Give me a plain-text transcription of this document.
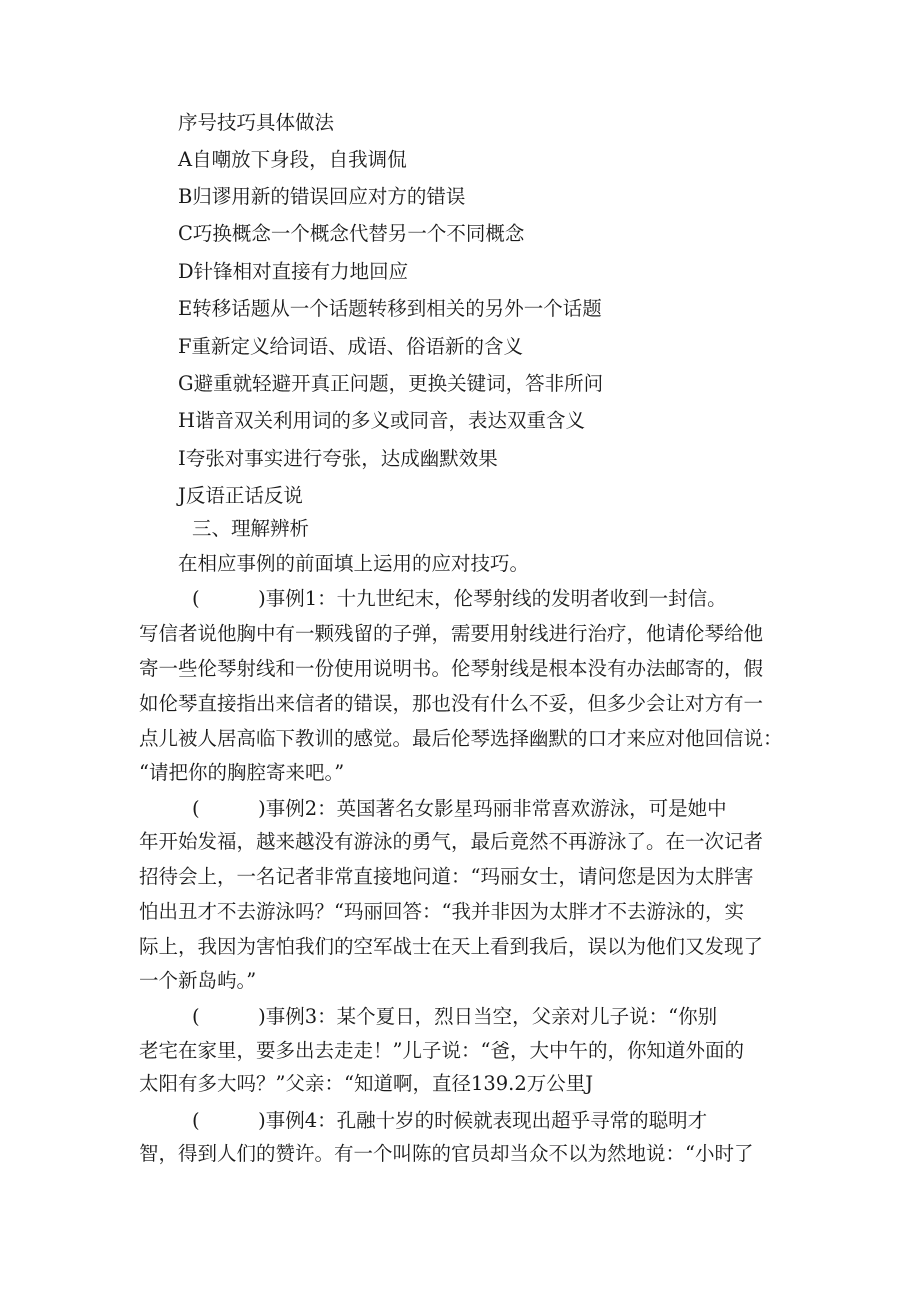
序号技巧具体做法
A自嘲放下身段，自我调侃
B归谬用新的错误回应对方的错误
C巧换概念一个概念代替另一个不同概念
D针锋相对直接有力地回应
E转移话题从一个话题转移到相关的另外一个话题
F重新定义给词语、成语、俗语新的含义
G避重就轻避开真正问题，更换关键词，答非所问
H谐音双关利用词的多义或同音，表达双重含义
I夸张对事实进行夸张，达成幽默效果
J反语正话反说
三、理解辨析
在相应事例的前面填上运用的应对技巧。
(　　　)事例1：十九世纪末，伦琴射线的发明者收到一封信。
写信者说他胸中有一颗残留的子弹，需要用射线进行治疗，他请伦琴给他
寄一些伦琴射线和一份使用说明书。伦琴射线是根本没有办法邮寄的，假
如伦琴直接指出来信者的错误，那也没有什么不妥，但多少会让对方有一
点儿被人居高临下教训的感觉。最后伦琴选择幽默的口才来应对他回信说：
“请把你的胸腔寄来吧。”
(　　　)事例2：英国著名女影星玛丽非常喜欢游泳，可是她中
年开始发福，越来越没有游泳的勇气，最后竟然不再游泳了。在一次记者
招待会上，一名记者非常直接地问道：“玛丽女士，请问您是因为太胖害
怕出丑才不去游泳吗？“玛丽回答：“我并非因为太胖才不去游泳的，实
际上，我因为害怕我们的空军战士在天上看到我后，误以为他们又发现了
一个新岛屿。”
(　　　)事例3：某个夏日，烈日当空，父亲对儿子说：“你别
老宅在家里，要多出去走走！”儿子说：“爸，大中午的，你知道外面的
太阳有多大吗？”父亲：“知道啊，直径139.2万公里J
(　　　)事例4：孔融十岁的时候就表现出超乎寻常的聪明才
智，得到人们的赞许。有一个叫陈的官员却当众不以为然地说：“小时了
